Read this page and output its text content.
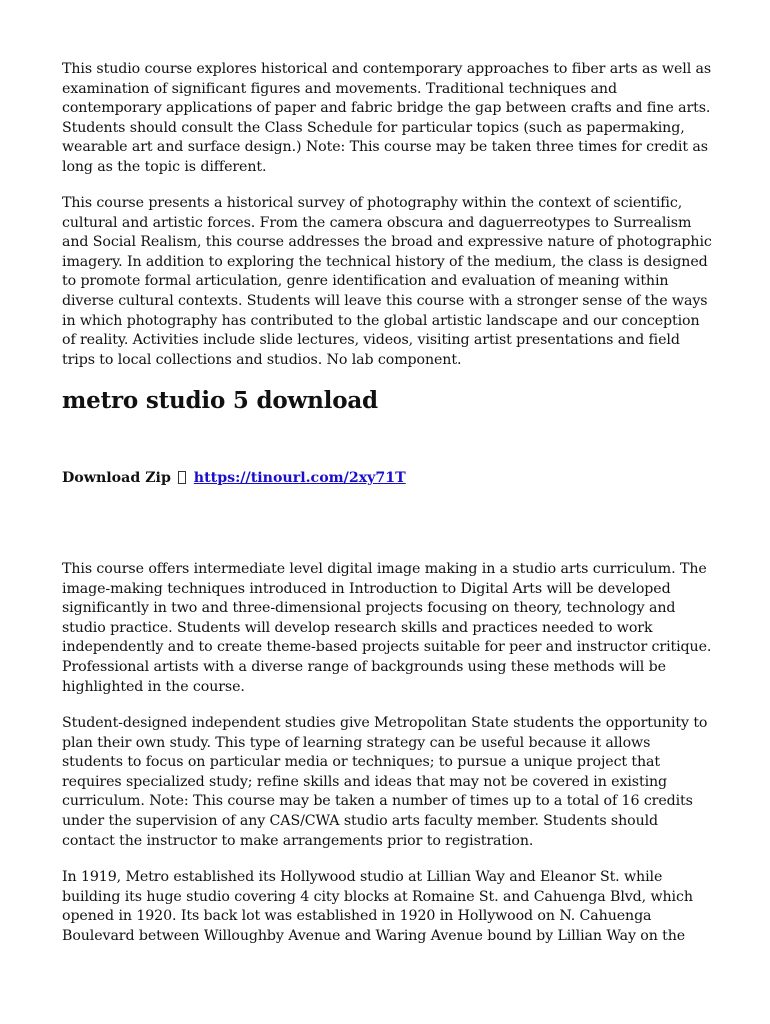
This studio course explores historical and contemporary approaches to fiber arts as well as examination of significant figures and movements. Traditional techniques and contemporary applications of paper and fabric bridge the gap between crafts and fine arts. Students should consult the Class Schedule for particular topics (such as papermaking, wearable art and surface design.) Note: This course may be taken three times for credit as long as the topic is different.

This course presents a historical survey of photography within the context of scientific, cultural and artistic forces. From the camera obscura and daguerreotypes to Surrealism and Social Realism, this course addresses the broad and expressive nature of photographic imagery. In addition to exploring the technical history of the medium, the class is designed to promote formal articulation, genre identification and evaluation of meaning within diverse cultural contexts. Students will leave this course with a stronger sense of the ways in which photography has contributed to the global artistic landscape and our conception of reality. Activities include slide lectures, videos, visiting artist presentations and field trips to local collections and studios. No lab component.

metro studio 5 download
Download Zip https://tinourl.com/2xy71T

This course offers intermediate level digital image making in a studio arts curriculum. The image-making techniques introduced in Introduction to Digital Arts will be developed significantly in two and three-dimensional projects focusing on theory, technology and studio practice. Students will develop research skills and practices needed to work independently and to create theme-based projects suitable for peer and instructor critique. Professional artists with a diverse range of backgrounds using these methods will be highlighted in the course.

Student-designed independent studies give Metropolitan State students the opportunity to plan their own study. This type of learning strategy can be useful because it allows students to focus on particular media or techniques; to pursue a unique project that requires specialized study; refine skills and ideas that may not be covered in existing curriculum. Note: This course may be taken a number of times up to a total of 16 credits under the supervision of any CAS/CWA studio arts faculty member. Students should contact the instructor to make arrangements prior to registration.

In 1919, Metro established its Hollywood studio at Lillian Way and Eleanor St. while building its huge studio covering 4 city blocks at Romaine St. and Cahuenga Blvd, which opened in 1920. Its back lot was established in 1920 in Hollywood on N. Cahuenga Boulevard between Willoughby Avenue and Waring Avenue bound by Lillian Way on the
